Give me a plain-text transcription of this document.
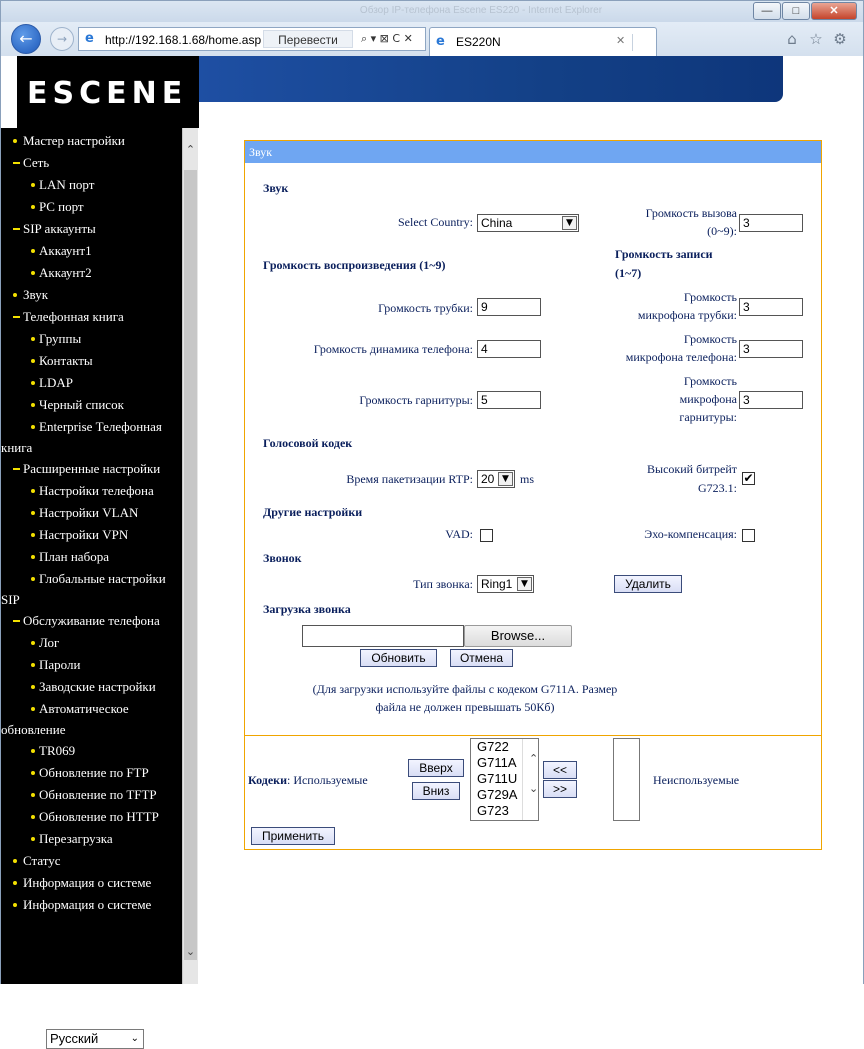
Обзор IP-телефона Escene ES220 - Internet Explorer	—	□	✕
←	→	e http://192.168.1.68/home.asp	Перевести	⌕ ▾ ⊠ C ✕	e ES220N	✕	⌂ ☆ ⚙
ESCENE
Мастер настройки
Сеть
LAN порт
PC порт
SIP аккаунты
Аккаунт1
Аккаунт2
Звук
Телефонная книга
Группы
Контакты
LDAP
Черный список
Enterprise Телефонная
книга
Расширенные настройки
Настройки телефона
Настройки VLAN
Настройки VPN
План набора
Глобальные настройки
SIP
Обслуживание телефона
Лог
Пароли
Заводские настройки
Автоматическое
обновление
TR069
Обновление по FTP
Обновление по TFTP
Обновление по HTTP
Перезагрузка
Статус
Информация о системе
Информация о системе
Выберите язык:
Русский	⌄
⌃
⌄
Звук
Звук
Select Country: China	▼
Громкость вызова
(0~9):
3
Громкость воспроизведения (1~9)
Громкость записи
(1~7)
Громкость трубки: 9
Громкость
микрофона трубки:
3
Громкость динамика телефона: 4
Громкость
микрофона телефона:
3
Громкость гарнитуры: 5
Громкость
микрофона
гарнитуры:
3
Голосовой кодек
Время пакетизации RTP: 20 ▼ ms
Высокий битрейт
G723.1:
✔
Другие настройки
VAD:	Эхо-компенсация:
Звонок
Тип звонка: Ring1 ▼	Удалить
Загрузка звонка
Browse...
Обновить	Отмена
(Для загрузки используйте файлы с кодеком G711A. Размер
файла не должен превышать 50Кб)
Кодеки: Используемые
Вверх
Вниз
G722
G711A
G711U
G729A
G723
⌃
⌄
<<
>>
Неиспользуемые
Применить
